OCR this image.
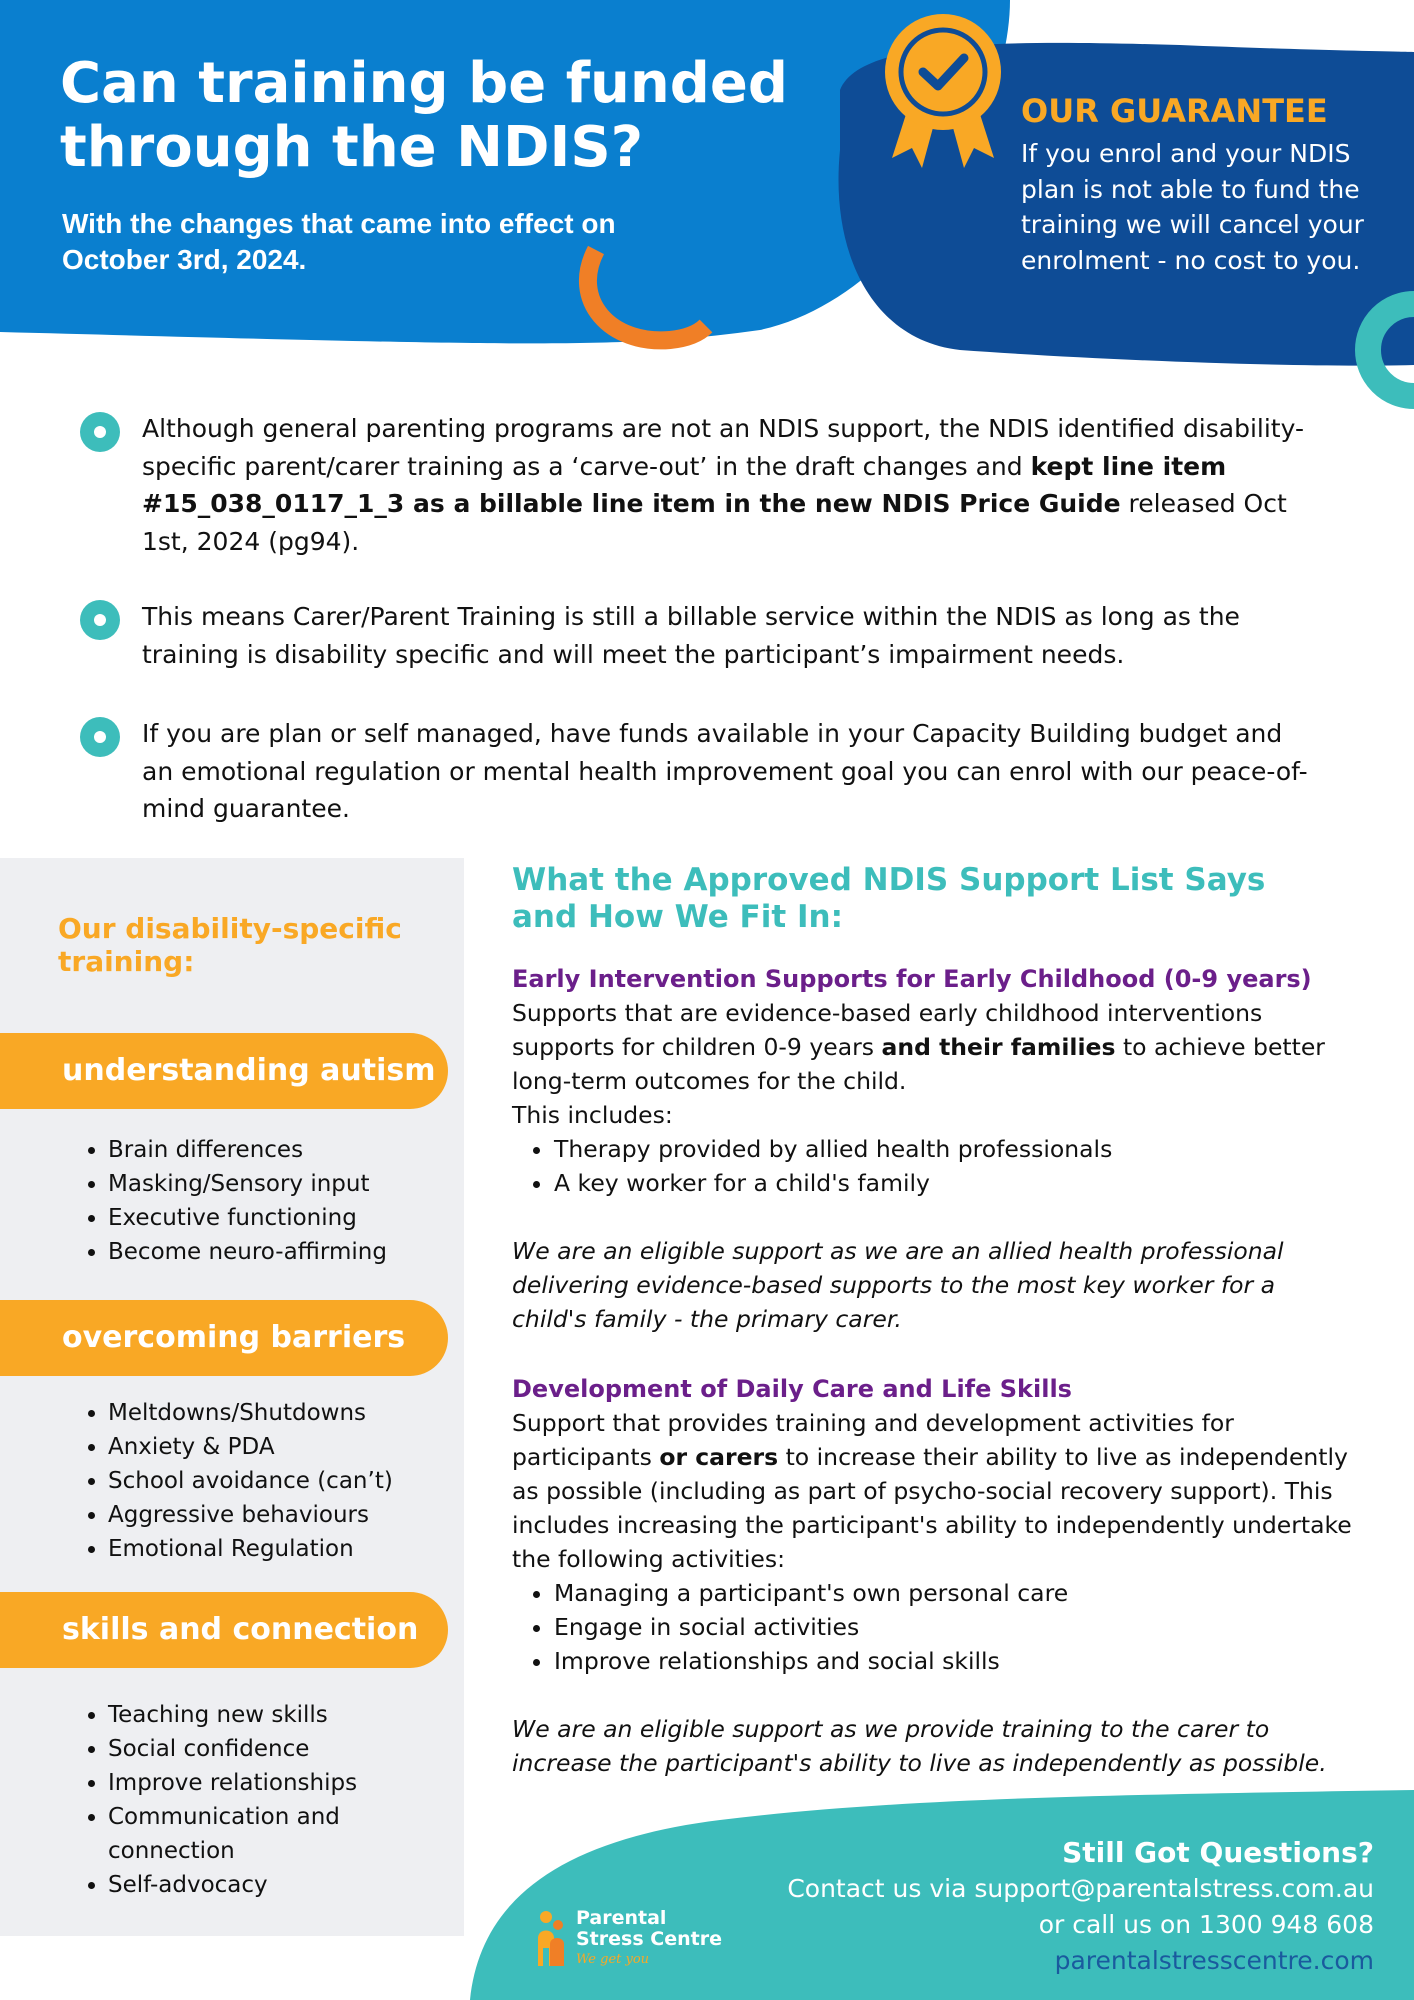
Can training be funded through the NDIS?
With the changes that came into effect on October 3rd, 2024.
OUR GUARANTEE
If you enrol and your NDIS plan is not able to fund the training we will cancel your enrolment - no cost to you.

Although general parenting programs are not an NDIS support, the NDIS identified disability-specific parent/carer training as a ‘carve-out’ in the draft changes and kept line item #15_038_0117_1_3 as a billable line item in the new NDIS Price Guide released Oct 1st, 2024 (pg94).

This means Carer/Parent Training is still a billable service within the NDIS as long as the training is disability specific and will meet the participant’s impairment needs.

If you are plan or self managed, have funds available in your Capacity Building budget and an emotional regulation or mental health improvement goal you can enrol with our peace-of-mind guarantee.

Our disability-specific training:
understanding autism
• Brain differences
• Masking/Sensory input
• Executive functioning
• Become neuro-affirming
overcoming barriers
• Meltdowns/Shutdowns
• Anxiety & PDA
• School avoidance (can’t)
• Aggressive behaviours
• Emotional Regulation
skills and connection
• Teaching new skills
• Social confidence
• Improve relationships
• Communication and connection
• Self-advocacy
What the Approved NDIS Support List Says and How We Fit In:
Early Intervention Supports for Early Childhood (0-9 years)

Supports that are evidence-based early childhood interventions supports for children 0-9 years and their families to achieve better long-term outcomes for the child.

This includes:

• Therapy provided by allied health professionals
• A key worker for a child's family

We are an eligible support as we are an allied health professional delivering evidence-based supports to the most key worker for a child's family - the primary carer.

Development of Daily Care and Life Skills

Support that provides training and development activities for participants or carers to increase their ability to live as independently as possible (including as part of psycho-social recovery support). This includes increasing the participant's ability to independently undertake the following activities:

• Managing a participant's own personal care
• Engage in social activities
• Improve relationships and social skills

We are an eligible support as we provide training to the carer to increase the participant's ability to live as independently as possible.

Parental
Stress Centre
We get you
Still Got Questions?
Contact us via support@parentalstress.com.au
or call us on 1300 948 608
parentalstresscentre.com
